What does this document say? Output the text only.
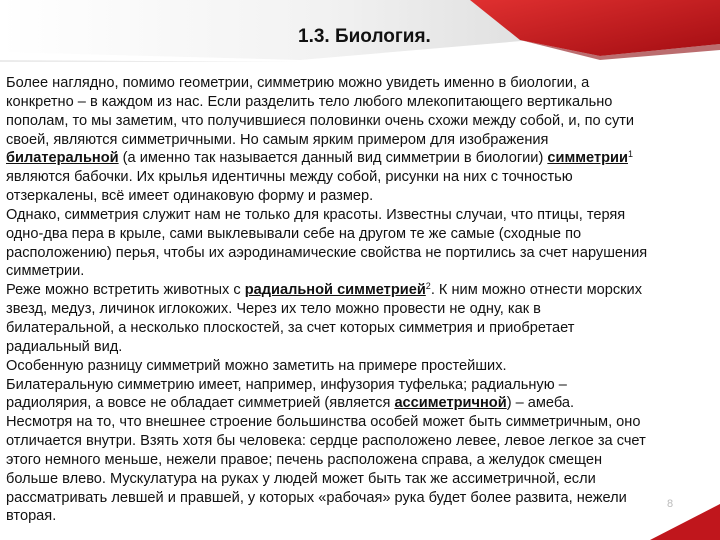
1.3. Биология.
Более наглядно, помимо геометрии, симметрию можно увидеть именно в биологии, а
конкретно – в каждом из нас. Если разделить тело любого млекопитающего вертикально
пополам, то мы заметим, что получившиеся половинки очень схожи между собой, и, по сути
своей, являются симметричными. Но самым ярким примером для изображения
билатеральной (а именно так называется данный вид симметрии в биологии) симметрии$^1$
являются бабочки. Их крылья идентичны между собой, рисунки на них с точностью
отзеркалены, всё имеет одинаковую форму и размер.
Однако, симметрия служит нам не только для красоты. Известны случаи, что птицы, теряя
одно-два пера в крыле, сами выклевывали себе на другом те же самые (сходные по
расположению) перья, чтобы их аэродинамические свойства не портились за счет нарушения
симметрии.
Реже можно встретить животных с радиальной симметрией$^2$. К ним можно отнести морских
звезд, медуз, личинок иглокожих. Через их тело можно провести не одну, как в
билатеральной, а несколько плоскостей, за счет которых симметрия и приобретает
радиальный вид.
Особенную разницу симметрий можно заметить на примере простейших.
Билатеральную симметрию имеет, например, инфузория туфелька; радиальную –
радиолярия, а вовсе не обладает симметрией (является ассиметричной) – амеба.
Несмотря на то, что внешнее строение большинства особей может быть симметричным, оно
отличается внутри. Взять хотя бы человека: сердце расположено левее, левое легкое за счет
этого немного меньше, нежели правое; печень расположена справа, а желудок смещен
больше влево. Мускулатура на руках у людей может быть так же ассиметричной, если
рассматривать левшей и правшей, у которых «рабочая» рука будет более развита, нежели
вторая.
8
